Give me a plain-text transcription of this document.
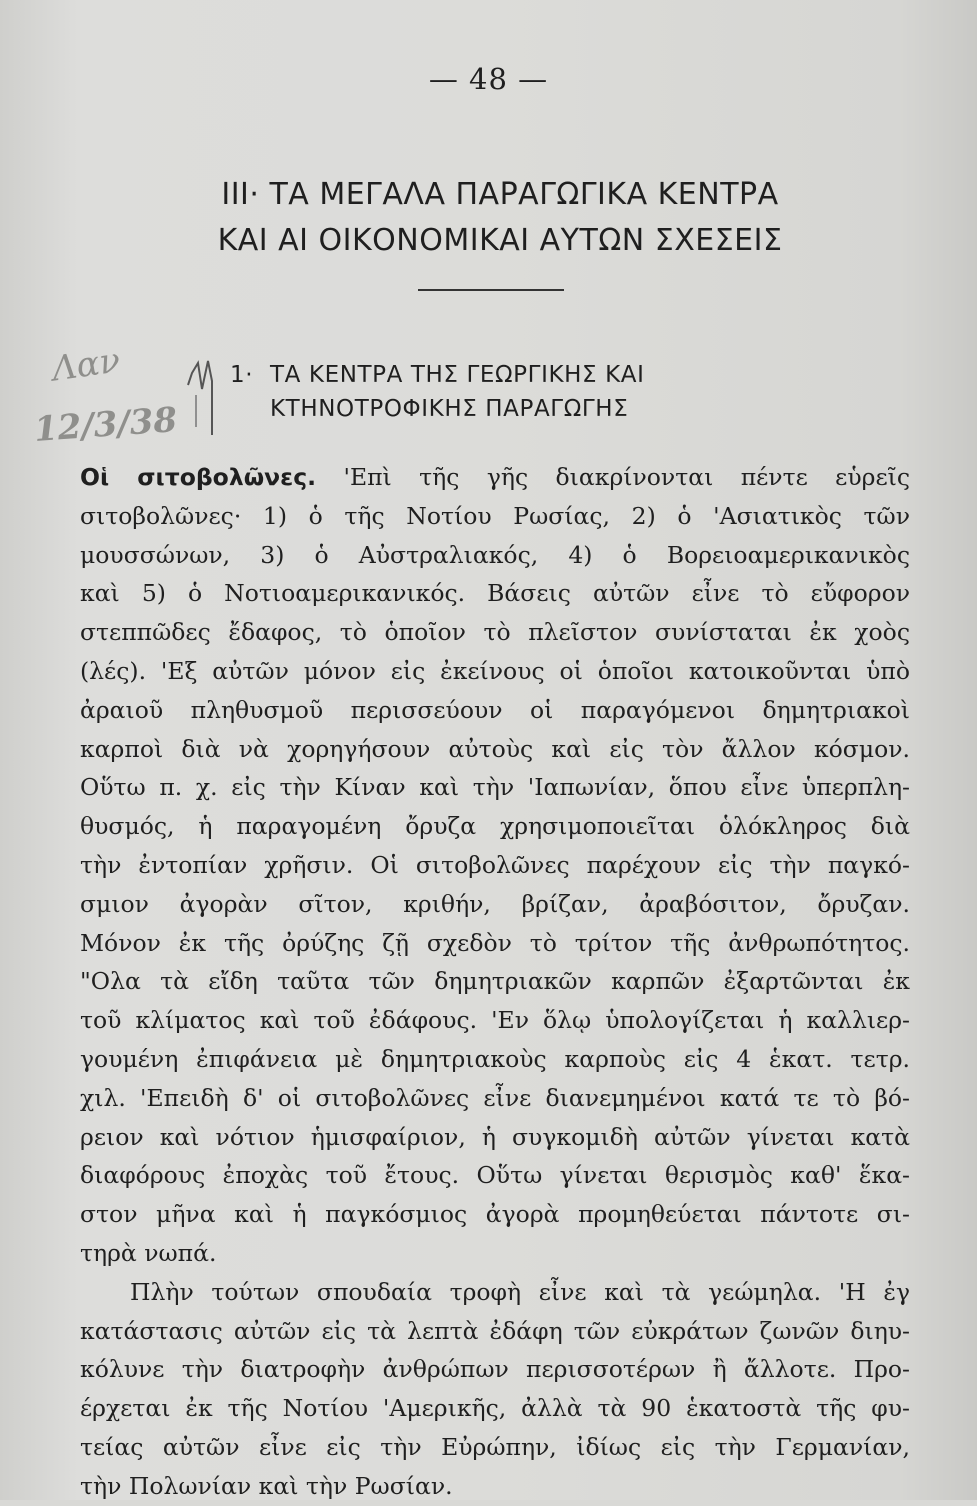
— 48 —
III· ΤΑ ΜΕΓΑΛΑ ΠΑΡΑΓΩΓΙΚΑ ΚΕΝΤΡΑ
ΚΑΙ ΑΙ ΟΙΚΟΝΟΜΙΚΑΙ ΑΥΤΩΝ ΣΧΕΣΕΙΣ
Λαν
12/3/38
1· ΤΑ ΚΕΝΤΡΑ ΤΗΣ ΓΕΩΡΓΙΚΗΣ ΚΑΙ
ΚΤΗΝΟΤΡΟΦΙΚΗΣ ΠΑΡΑΓΩΓΗΣ
Οἱ σιτοβολῶνες. 'Επὶ τῆς γῆς διακρίνονται πέντε εὑρεῖς
σιτοβολῶνες· 1) ὁ τῆς Νοτίου Ρωσίας, 2) ὁ 'Ασιατικὸς τῶν
μουσσώνων, 3) ὁ Αὐστραλιακός, 4) ὁ Βορειοαμερικανικὸς
καὶ 5) ὁ Νοτιοαμερικανικός. Βάσεις αὐτῶν εἶνε τὸ εὔφορον
στεππῶδες ἔδαφος, τὸ ὁποῖον τὸ πλεῖστον συνίσταται ἐκ χοὸς
(λές). 'Εξ αὐτῶν μόνον εἰς ἐκείνους οἱ ὁποῖοι κατοικοῦνται ὑπὸ
ἀραιοῦ πληθυσμοῦ περισσεύουν οἱ παραγόμενοι δημητριακοὶ
καρποὶ διὰ νὰ χορηγήσουν αὐτοὺς καὶ εἰς τὸν ἄλλον κόσμον.
Οὕτω π. χ. εἰς τὴν Κίναν καὶ τὴν 'Ιαπωνίαν, ὅπου εἶνε ὑπερπλη-
θυσμός, ἡ παραγομένη ὄρυζα χρησιμοποιεῖται ὁλόκληρος διὰ
τὴν ἐντοπίαν χρῆσιν. Οἱ σιτοβολῶνες παρέχουν εἰς τὴν παγκό-
σμιον ἀγορὰν σῖτον, κριθήν, βρίζαν, ἀραβόσιτον, ὄρυζαν.
Μόνον ἐκ τῆς ὀρύζης ζῇ σχεδὸν τὸ τρίτον τῆς ἀνθρωπότητος.
"Ολα τὰ εἴδη ταῦτα τῶν δημητριακῶν καρπῶν ἐξαρτῶνται ἐκ
τοῦ κλίματος καὶ τοῦ ἐδάφους. 'Εν ὅλῳ ὑπολογίζεται ἡ καλλιερ-
γουμένη ἐπιφάνεια μὲ δημητριακοὺς καρποὺς εἰς 4 ἑκατ. τετρ.
χιλ. 'Επειδὴ δ' οἱ σιτοβολῶνες εἶνε διανεμημένοι κατά τε τὸ βό-
ρειον καὶ νότιον ἡμισφαίριον, ἡ συγκομιδὴ αὐτῶν γίνεται κατὰ
διαφόρους ἐποχὰς τοῦ ἔτους. Οὕτω γίνεται θερισμὸς καθ' ἕκα-
στον μῆνα καὶ ἡ παγκόσμιος ἀγορὰ προμηθεύεται πάντοτε σι-
τηρὰ νωπά.
Πλὴν τούτων σπουδαία τροφὴ εἶνε καὶ τὰ γεώμηλα. 'Η ἐγ
κατάστασις αὐτῶν εἰς τὰ λεπτὰ ἐδάφη τῶν εὐκράτων ζωνῶν διηυ-
κόλυνε τὴν διατροφὴν ἀνθρώπων περισσοτέρων ἢ ἄλλοτε. Προ-
έρχεται ἐκ τῆς Νοτίου 'Αμερικῆς, ἀλλὰ τὰ 90 ἑκατοστὰ τῆς φυ-
τείας αὐτῶν εἶνε εἰς τὴν Εὐρώπην, ἰδίως εἰς τὴν Γερμανίαν,
τὴν Πολωνίαν καὶ τὴν Ρωσίαν.
